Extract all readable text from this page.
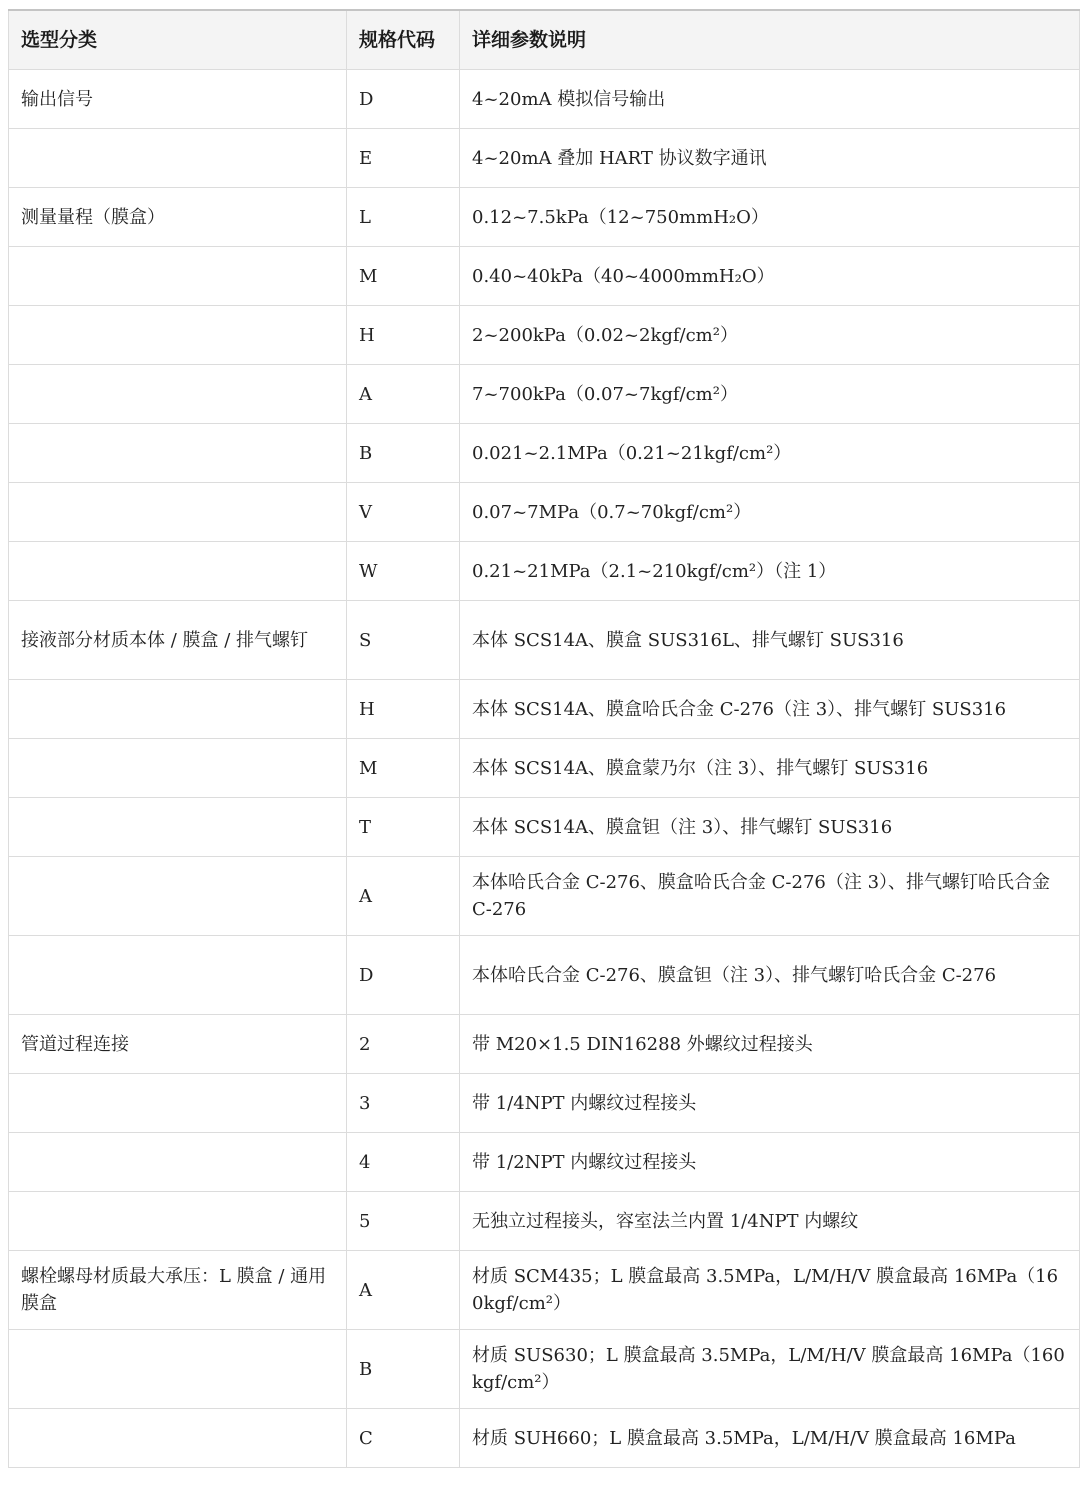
选型分类	规格代码	详细参数说明
输出信号	D	4~20mA 模拟信号输出
	E	4~20mA 叠加 HART 协议数字通讯
测量量程（膜盒）	L	0.12~7.5kPa（12~750mmH₂O）
	M	0.40~40kPa（40~4000mmH₂O）
	H	2~200kPa（0.02~2kgf/cm²）
	A	7~700kPa（0.07~7kgf/cm²）
	B	0.021~2.1MPa（0.21~21kgf/cm²）
	V	0.07~7MPa（0.7~70kgf/cm²）
	W	0.21~21MPa（2.1~210kgf/cm²）（注 1）
接液部分材质本体 / 膜盒 / 排气螺钉	S	本体 SCS14A、膜盒 SUS316L、排气螺钉 SUS316
	H	本体 SCS14A、膜盒哈氏合金 C-276（注 3）、排气螺钉 SUS316
	M	本体 SCS14A、膜盒蒙乃尔（注 3）、排气螺钉 SUS316
	T	本体 SCS14A、膜盒钽（注 3）、排气螺钉 SUS316
	A	本体哈氏合金 C-276、膜盒哈氏合金 C-276（注 3）、排气螺钉哈氏合金 C-276
	D	本体哈氏合金 C-276、膜盒钽（注 3）、排气螺钉哈氏合金 C-276
管道过程连接	2	带 M20×1.5 DIN16288 外螺纹过程接头
	3	带 1/4NPT 内螺纹过程接头
	4	带 1/2NPT 内螺纹过程接头
	5	无独立过程接头，容室法兰内置 1/4NPT 内螺纹
螺栓螺母材质最大承压：L 膜盒 / 通用膜盒	A	材质 SCM435；L 膜盒最高 3.5MPa，L/M/H/V 膜盒最高 16MPa（160kgf/cm²）
	B	材质 SUS630；L 膜盒最高 3.5MPa，L/M/H/V 膜盒最高 16MPa（160kgf/cm²）
	C	材质 SUH660；L 膜盒最高 3.5MPa，L/M/H/V 膜盒最高 16MPa
